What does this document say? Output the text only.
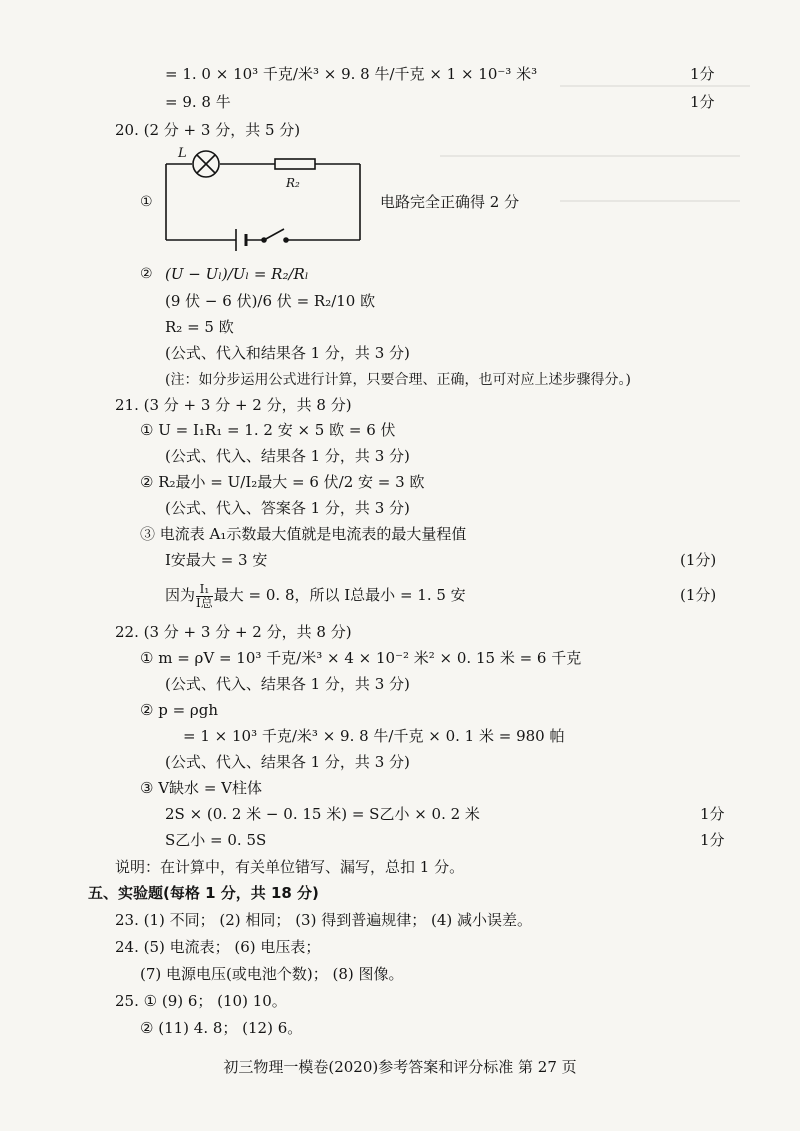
= 1. 0 × 10³ 千克/米³ × 9. 8 牛/千克 × 1 × 10⁻³ 米³	1分
= 9. 8 牛	1分
20. (2 分 + 3 分，共 5 分)
①
L
R₂
电路完全正确得 2 分
② (U − Uₗ)/Uₗ = R₂/Rₗ
(9 伏 − 6 伏)/6 伏 = R₂/10 欧
R₂ = 5 欧
(公式、代入和结果各 1 分，共 3 分)
(注：如分步运用公式进行计算，只要合理、正确，也可对应上述步骤得分。)
21. (3 分 + 3 分 + 2 分，共 8 分)
① U = I₁R₁ = 1. 2 安 × 5 欧 = 6 伏
(公式、代入、结果各 1 分，共 3 分)
② R₂最小 = U/I₂最大 = 6 伏/2 安 = 3 欧
(公式、代入、答案各 1 分，共 3 分)
③ 电流表 A₁示数最大值就是电流表的最大量程值
I安最大 = 3 安	(1分)
因为 $\frac{\text{I₁}}{\text{I总}}$ 最大 = 0. 8，所以 I总最小 = 1. 5 安	(1分)
22. (3 分 + 3 分 + 2 分，共 8 分)
① m = ρV = 10³ 千克/米³ × 4 × 10⁻² 米² × 0. 15 米 = 6 千克
(公式、代入、结果各 1 分，共 3 分)
② p = ρgh
= 1 × 10³ 千克/米³ × 9. 8 牛/千克 × 0. 1 米 = 980 帕
(公式、代入、结果各 1 分，共 3 分)
③ V缺水 = V柱体
2S × (0. 2 米 − 0. 15 米) = S乙小 × 0. 2 米	1分
S乙小 = 0. 5S	1分
说明：在计算中，有关单位错写、漏写，总扣 1 分。
五、实验题(每格 1 分，共 18 分)
23. (1) 不同； (2) 相同； (3) 得到普遍规律； (4) 减小误差。
24. (5) 电流表； (6) 电压表；
(7) 电源电压(或电池个数)； (8) 图像。
25. ① (9) 6； (10) 10。
② (11) 4. 8； (12) 6。
初三物理一模卷(2020)参考答案和评分标准 第 27 页
